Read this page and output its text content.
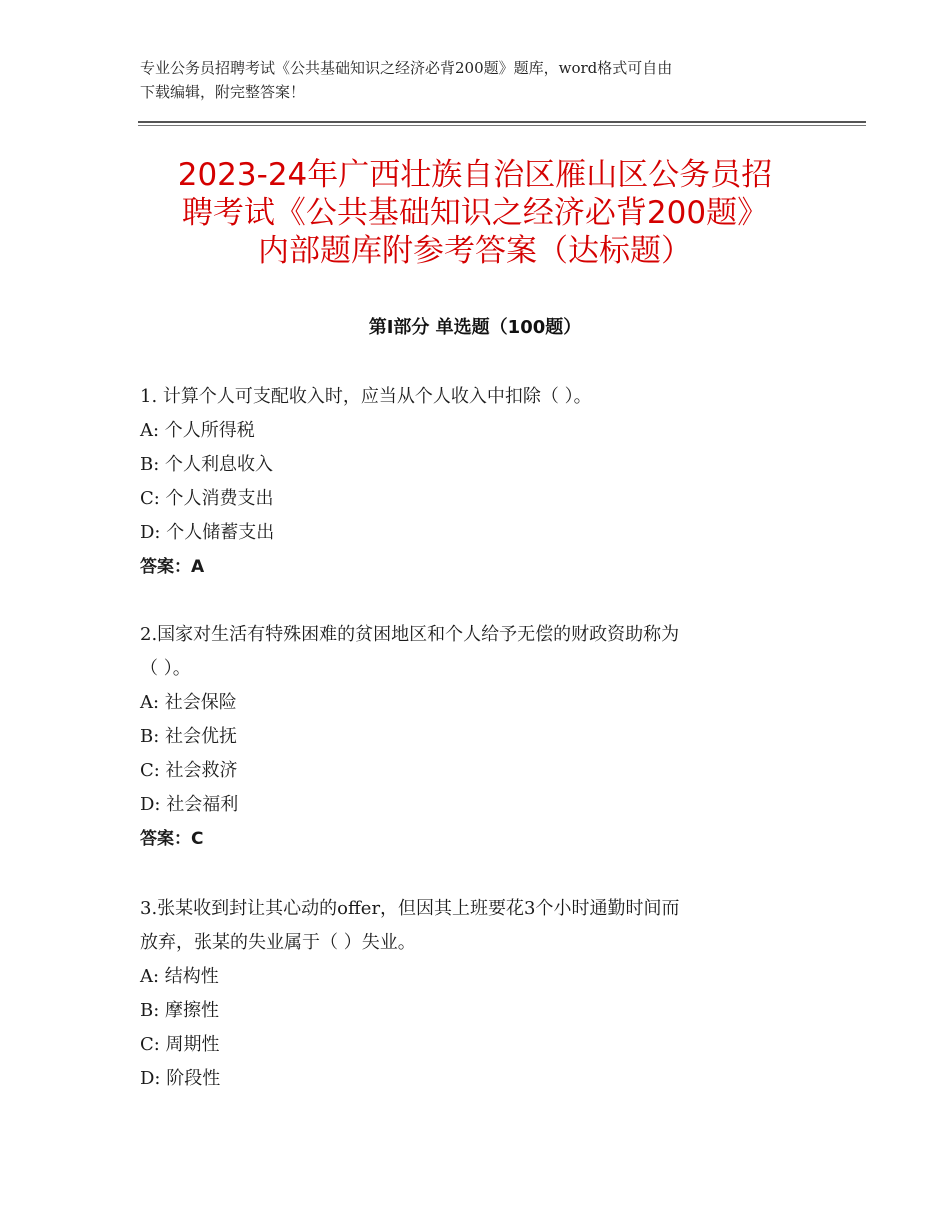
专业公务员招聘考试《公共基础知识之经济必背200题》题库，word格式可自由
下载编辑，附完整答案！
2023-24年广西壮族自治区雁山区公务员招
聘考试《公共基础知识之经济必背200题》
内部题库附参考答案（达标题）
第Ⅰ部分 单选题（100题）
1. 计算个人可支配收入时，应当从个人收入中扣除（ ）。
A: 个人所得税
B: 个人利息收入
C: 个人消费支出
D: 个人储蓄支出
答案：A
2.国家对生活有特殊困难的贫困地区和个人给予无偿的财政资助称为
（ ）。
A: 社会保险
B: 社会优抚
C: 社会救济
D: 社会福利
答案：C
3.张某收到封让其心动的offer，但因其上班要花3个小时通勤时间而
放弃，张某的失业属于（ ）失业。
A: 结构性
B: 摩擦性
C: 周期性
D: 阶段性
